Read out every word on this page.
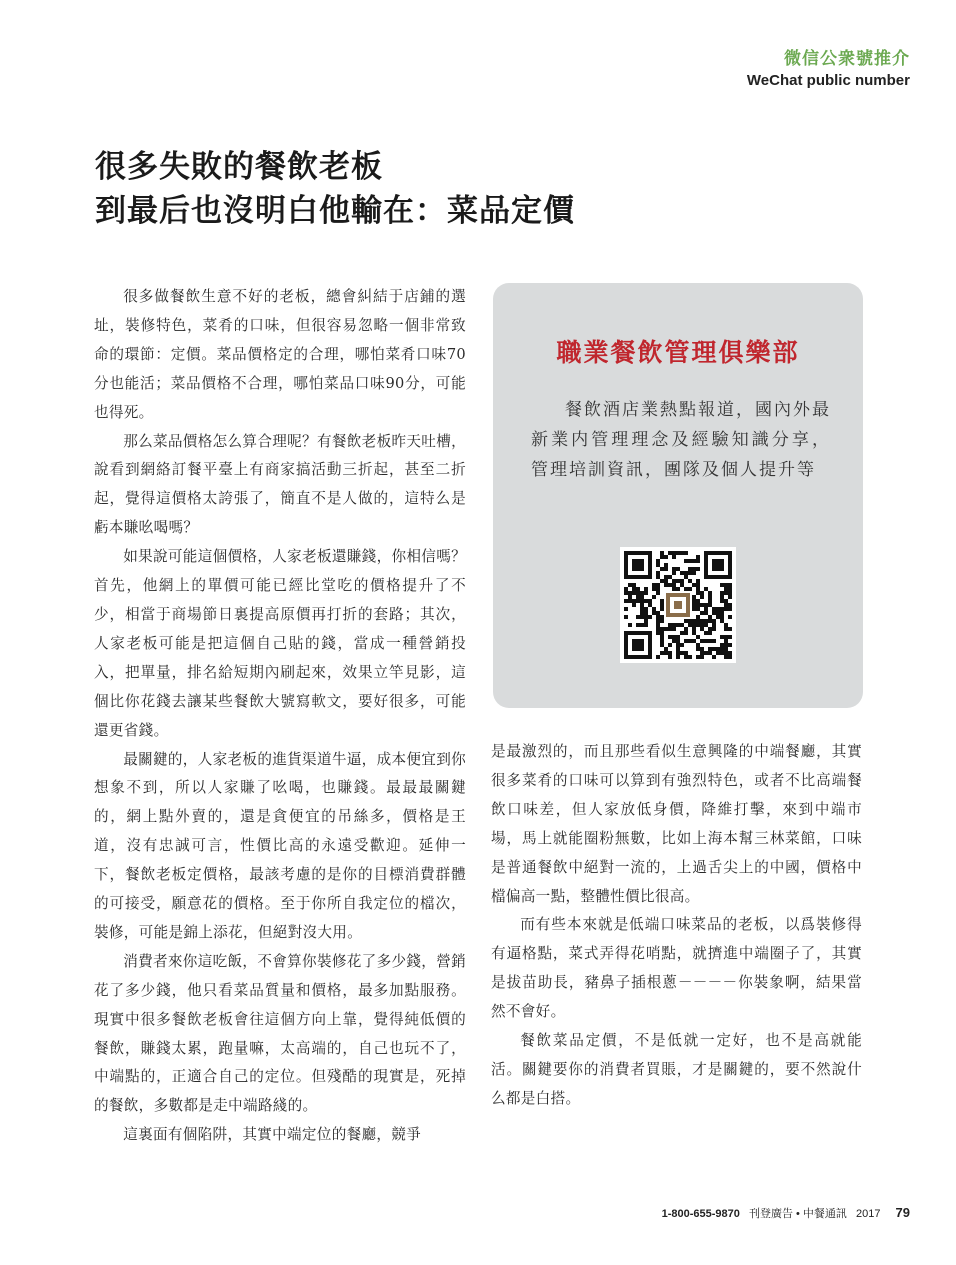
微信公衆號推介
WeChat public number
很多失敗的餐飲老板
到最后也沒明白他輸在：菜品定價

很多做餐飲生意不好的老板，總會糾結于店鋪的選址，裝修特色，菜肴的口味，但很容易忽略一個非常致命的環節：定價。菜品價格定的合理，哪怕菜肴口味70分也能活；菜品價格不合理，哪怕菜品口味90分，可能也得死。

那么菜品價格怎么算合理呢？有餐飲老板昨天吐槽，說看到網絡訂餐平臺上有商家搞活動三折起，甚至二折起，覺得這價格太誇張了，簡直不是人做的，這特么是虧本賺吆喝嗎？

如果說可能這個價格，人家老板還賺錢，你相信嗎？首先，他網上的單價可能已經比堂吃的價格提升了不少，相當于商場節日裏提高原價再打折的套路；其次，人家老板可能是把這個自己貼的錢，當成一種營銷投入，把單量，排名給短期內刷起來，效果立竿見影，這個比你花錢去讓某些餐飲大號寫軟文，要好很多，可能還更省錢。

最關鍵的，人家老板的進貨渠道牛逼，成本便宜到你想象不到，所以人家賺了吆喝，也賺錢。最最最關鍵的，網上點外賣的，還是貪便宜的吊絲多，價格是王道，沒有忠誠可言，性價比高的永遠受歡迎。延伸一下，餐飲老板定價格，最該考慮的是你的目標消費群體的可接受，願意花的價格。至于你所自我定位的檔次，裝修，可能是錦上添花，但絕對沒大用。

消費者來你這吃飯，不會算你裝修花了多少錢，營銷花了多少錢，他只看菜品質量和價格，最多加點服務。現實中很多餐飲老板會往這個方向上靠，覺得純低價的餐飲，賺錢太累，跑量嘛，太高端的，自己也玩不了，中端點的，正適合自己的定位。但殘酷的現實是，死掉的餐飲，多數都是走中端路綫的。

這裏面有個陷阱，其實中端定位的餐廳，競爭

職業餐飲管理俱樂部

餐飲酒店業熱點報道，國內外最新業内管理理念及經驗知識分享，管理培訓資訊，團隊及個人提升等

是最激烈的，而且那些看似生意興隆的中端餐廳，其實很多菜肴的口味可以算到有強烈特色，或者不比高端餐飲口味差，但人家放低身價，降維打擊，來到中端市場，馬上就能圈粉無數，比如上海本幫三林菜館，口味是普通餐飲中絕對一流的，上過舌尖上的中國，價格中檔偏高一點，整體性價比很高。

而有些本來就是低端口味菜品的老板，以爲裝修得有逼格點，菜式弄得花哨點，就擠進中端圈子了，其實是拔苗助長，豬鼻子插根蔥－－－－你裝象啊，結果當然不會好。

餐飲菜品定價，不是低就一定好，也不是高就能活。關鍵要你的消費者買賬，才是關鍵的，要不然說什么都是白搭。

1-800-655-9870 刊登廣告 • 中餐通訊 2017 79
